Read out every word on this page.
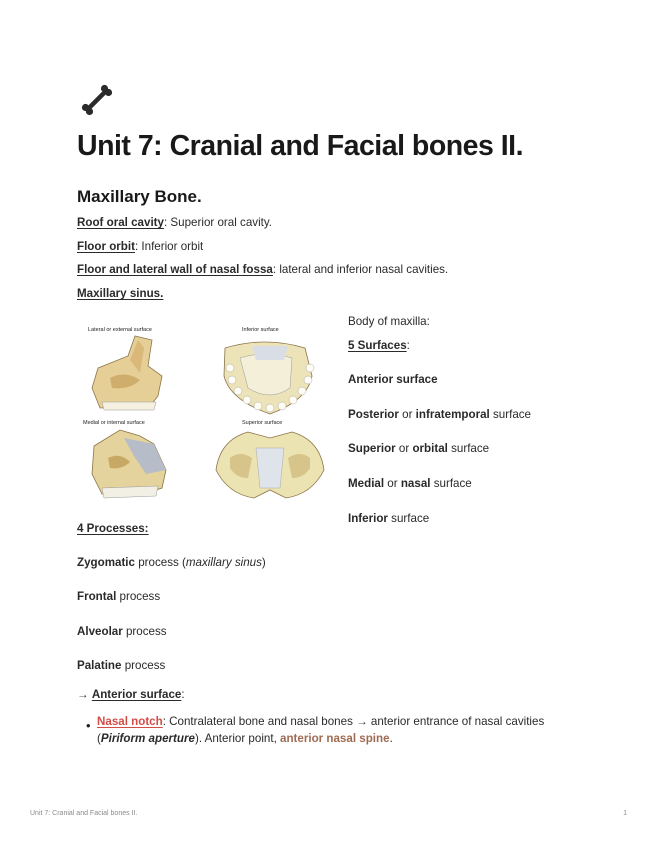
Unit 7: Cranial and Facial bones II.
Maxillary Bone.
Roof oral cavity: Superior oral cavity.
Floor orbit: Inferior orbit
Floor and lateral wall of nasal fossa: lateral and inferior nasal cavities.
Maxillary sinus.
Lateral or external surface	Inferior surface
Medial or internal surface	Superior surface
Body of maxilla:
5 Surfaces:
Anterior surface
Posterior or infratemporal surface
Superior or orbital surface
Medial or nasal surface
Inferior surface
4 Processes:
Zygomatic process (maxillary sinus)
Frontal process
Alveolar process
Palatine process
→ Anterior surface:
• Nasal notch: Contralateral bone and nasal bones → anterior entrance of nasal cavities (Piriform aperture). Anterior point, anterior nasal spine.
Unit 7: Cranial and Facial bones II.	1
